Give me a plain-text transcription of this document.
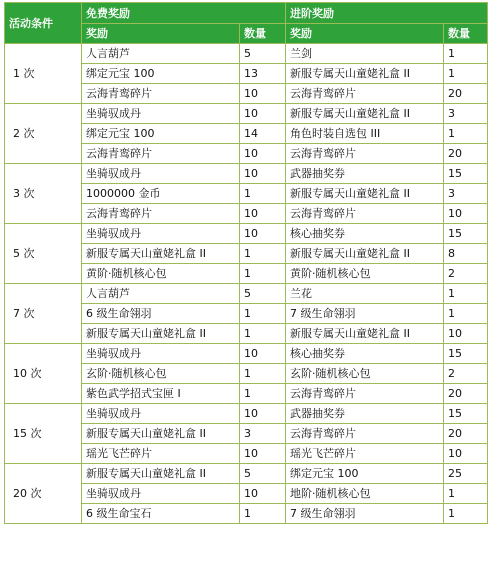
活动条件	免费奖励		进阶奖励	
	奖励	数量	奖励	数量
1 次	人言葫芦	5	兰剑	1
	绑定元宝 100	13	新服专属天山童姥礼盒 II	1
	云海青鸾碎片	10	云海青鸾碎片	20
2 次	坐骑驭成丹	10	新服专属天山童姥礼盒 II	3
	绑定元宝 100	14	角色时装自选包 III	1
	云海青鸾碎片	10	云海青鸾碎片	20
3 次	坐骑驭成丹	10	武器抽奖券	15
	1000000 金币	1	新服专属天山童姥礼盒 II	3
	云海青鸾碎片	10	云海青鸾碎片	10
5 次	坐骑驭成丹	10	核心抽奖券	15
	新服专属天山童姥礼盒 II	1	新服专属天山童姥礼盒 II	8
	黄阶·随机核心包	1	黄阶·随机核心包	2
7 次	人言葫芦	5	兰花	1
	6 级生命翎羽	1	7 级生命翎羽	1
	新服专属天山童姥礼盒 II	1	新服专属天山童姥礼盒 II	10
10 次	坐骑驭成丹	10	核心抽奖券	15
	玄阶·随机核心包	1	玄阶·随机核心包	2
	紫色武学招式宝匣 I	1	云海青鸾碎片	20
15 次	坐骑驭成丹	10	武器抽奖券	15
	新服专属天山童姥礼盒 II	3	云海青鸾碎片	20
	瑶光飞芒碎片	10	瑶光飞芒碎片	10
20 次	新服专属天山童姥礼盒 II	5	绑定元宝 100	25
	坐骑驭成丹	10	地阶·随机核心包	1
	6 级生命宝石	1	7 级生命翎羽	1
